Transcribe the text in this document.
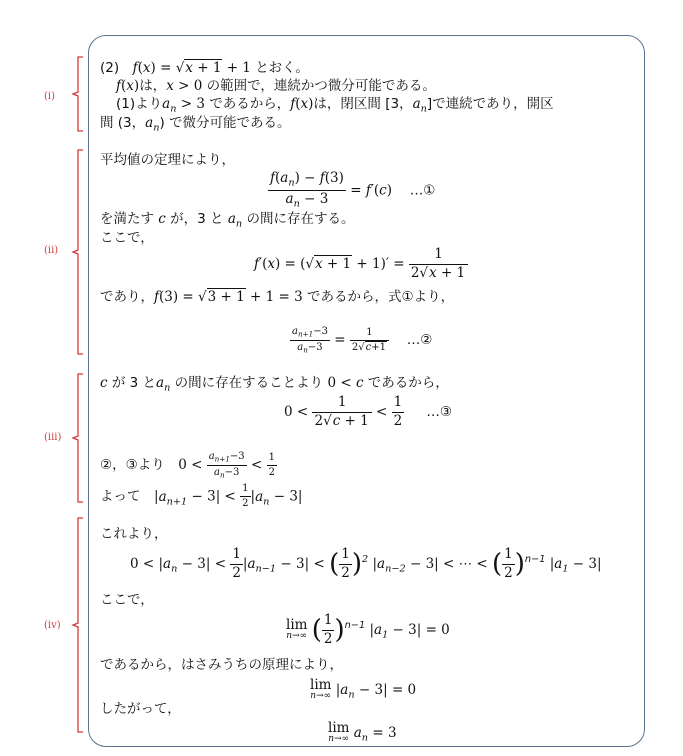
(i)
(ii)
(iii)
(iv)
(2)　 f(x) = √x + 1 + 1 とおく。
f(x)は，x > 0 の範囲で，連続かつ微分可能である。
(1)より$a_n > 3$ であるから，f(x)は，閉区間 [3，$a_n$]で連続であり，開区
間 (3，$a_n$) で微分可能である。
平均値の定理により，
$\frac{f(a_n) - f(3)}{a_n - 3} = f'(c)$　 …①
を満たす c が，3 と $a_n$ の間に存在する。
ここで，
$f'(x) = (√x + 1 + 1)' = \frac{1}{2√x + 1}$
であり，f(3) = √3 + 1 + 1 = 3 であるから，式①より，
$\frac{a_{n+1}-3}{a_n-3} = \frac{1}{2√c+1}$
　 …②
c が 3 と$a_n$ の間に存在することより 0 < c であるから，
$0 < \frac{1}{2√c + 1} < \frac{1}{2}$
　 …③
②，③より　 $0 < \frac{a_{n+1}-3}{a_n-3} < \frac{1}{2}$
よって　 $|a_{n+1} - 3| < \frac{1}{2} |a_n - 3|$
これより，
$0 < |a_n - 3| < \frac{1}{2} |a_{n-1} - 3|$ < ( $\frac{1}{2} )^2$ $|a_{n-2} - 3|$ < ⋯ < ( $\frac{1}{2} )^{n-1}$ $|a_1 - 3|$
ここで，
lim
n→∞ ( $\frac{1}{2} )^{n-1}$ $|a_1 - 3| = 0$
であるから，はさみうちの原理により，
lim
n→∞ $|a_n - 3| = 0$
したがって，
lim
n→∞ $a_n = 3$
